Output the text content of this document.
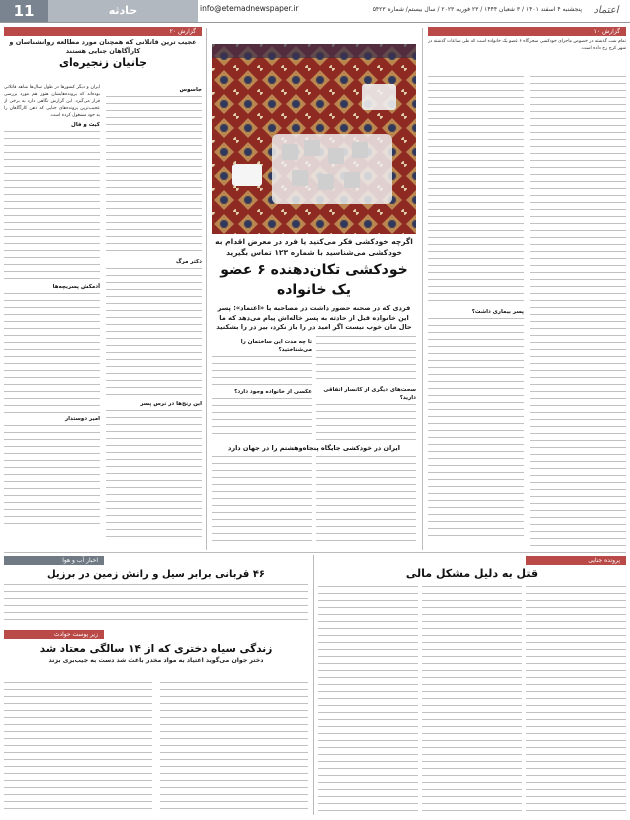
11	حادثه	info@etemadnewspaper.ir	پنجشنبه ۴ اسفند ۱۴۰۱ / ۳ شعبان ۱۴۴۴ / ۲۳ فوریه ۲۰۲۳ / سال بیستم/ شماره ۵۴۲۳	اعتماد
گزارش ۲۰

عجیب ترین قاتلانی که همچنان مورد مطالعه روانشناسان و کارآگاهان جنایی هستند

جانیان زنجیره‌ای

ایران و دیگر کشورها در طول سال‌ها شاهد قاتلانی بوده‌اند که پرونده‌هایشان هنوز هم مورد بررسی قرار می‌گیرد. این گزارش نگاهی دارد به برخی از عجیب‌ترین پرونده‌های جنایی که ذهن کارآگاهان را به خود مشغول کرده است.

کیث و فال

آدمکش پسربچه‌ها

امیر دوستدار

جاسوس

دکتر مرگ

این رنج‌ها در نرس پسر

اگرچه خودکشی فکر می‌کنید یا فرد در معرض اقدام به خودکشی می‌شناسید با شماره ۱۲۳ تماس بگیرید

خودکشی تکان‌دهنده ۶ عضو یک خانواده

فردی که در صحنه حضور داشت در مصاحبه با «اعتماد»: پسر این خانواده قبل از حادثه به پسر خاله‌اش پیام می‌دهد که ما حال مان خوب نیست اگر امید در را باز نکرد، بیر در را بشکنید

تا چه مدت این ساختمان را می‌شناختید؟

عکسی از خانواده وجود دارد؟	سحت‌های دیگری از کانسار اتفاقی دارید؟

ایران در خودکشی جایگاه پنجاه‌وهشتم را در جهان دارد

گزارش ۱۰

تمام شب گذشته در خصوص ماجرای خودکشی سحرگاه ۶ عضو یک خانواده است که طی ساعات گذشته در شهر کرج رخ داده است.

پسر بیماری داشت؟

اخبار آب و هوا

۴۶ قربانی برابر سیل و رانش زمین در برزیل

زیر پوست حوادث

زندگی سیاه دختری که از ۱۴ سالگی معتاد شد

دختر جوان می‌گوید اعتیاد به مواد مخدر باعث شد دست به جیب‌بری بزند

پرونده جنایی

قتل به دلیل مشکل مالی
